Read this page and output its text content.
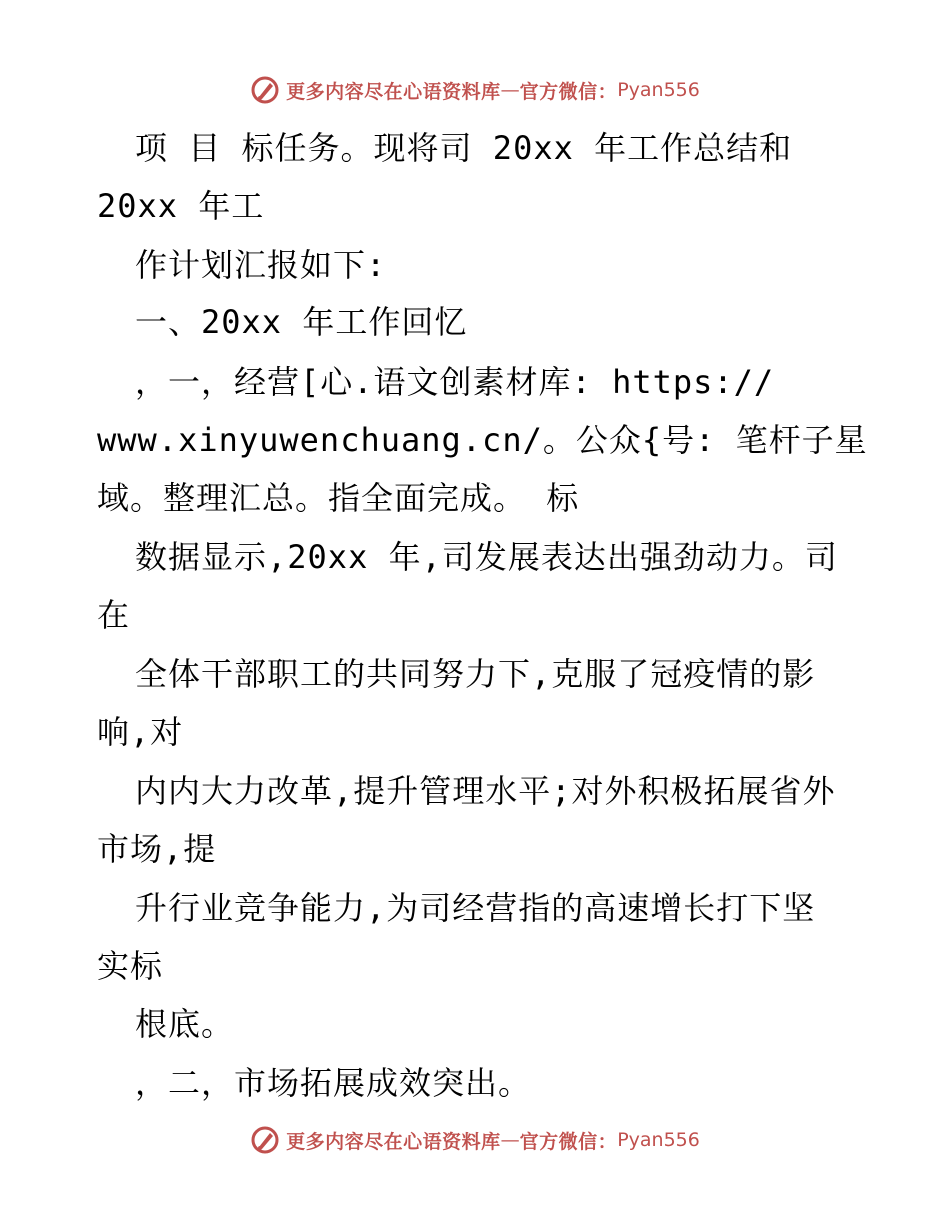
更多内容尽在心语资料库 — 官方微信： Pyan556
项 目 标任务。现将司 20xx 年工作总结和
20xx 年工
作计划汇报如下:
一、20xx 年工作回忆
，一，经营[心.语文创素材库: https://
www.xinyuwenchuang.cn/。公众{号: 笔杆子星
域。整理汇总。指全面完成。 标
数据显示,20xx 年,司发展表达出强劲动力。司
在
全体干部职工的共同努力下,克服了冠疫情的影
响,对
内内大力改革,提升管理水平;对外积极拓展省外
市场,提
升行业竞争能力,为司经营指的高速增长打下坚
实标
根底。
，二，市场拓展成效突出。
更多内容尽在心语资料库 — 官方微信： Pyan556
